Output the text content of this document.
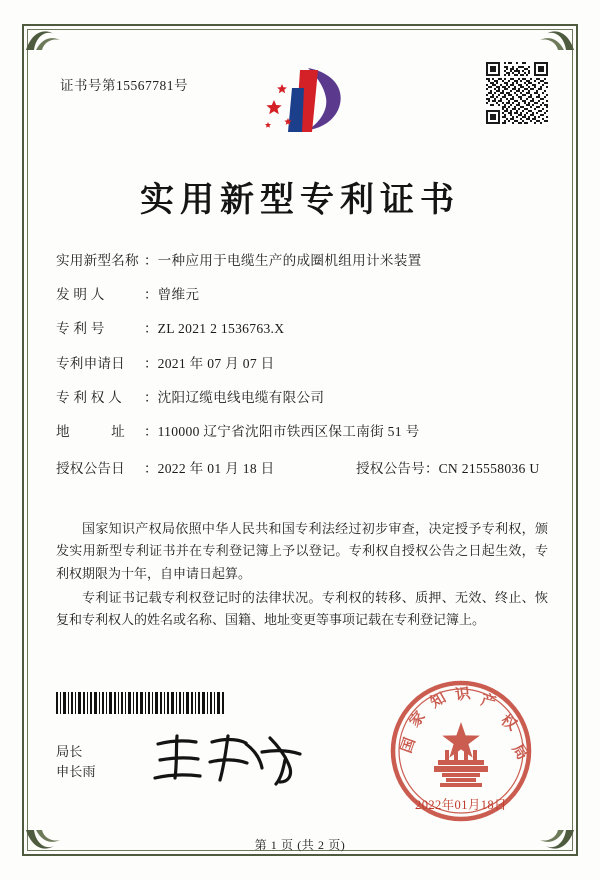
证书号第15567781号
实用新型专利证书
实用新型名称 ： 一种应用于电缆生产的成圈机组用计米装置
发 明 人	： 曾维元
专 利 号	： ZL 2021 2 1536763.X
专利申请日	： 2021 年 07 月 07 日
专 利 权 人	： 沈阳辽缆电线电缆有限公司
地　　　址	： 110000 辽宁省沈阳市铁西区保工南街 51 号
授权公告日	： 2022 年 01 月 18 日	授权公告号 ： CN 215558036 U

国家知识产权局依照中华人民共和国专利法经过初步审查，决定授予专利权，颁发实用新型专利证书并在专利登记簿上予以登记。专利权自授权公告之日起生效，专利权期限为十年，自申请日起算。

专利证书记载专利权登记时的法律状况。专利权的转移、质押、无效、终止、恢复和专利权人的姓名或名称、国籍、地址变更等事项记载在专利登记簿上。

局长
申长雨
国
家
知 识 产
权
局
2022年01月18日
第 1 页 (共 2 页)
